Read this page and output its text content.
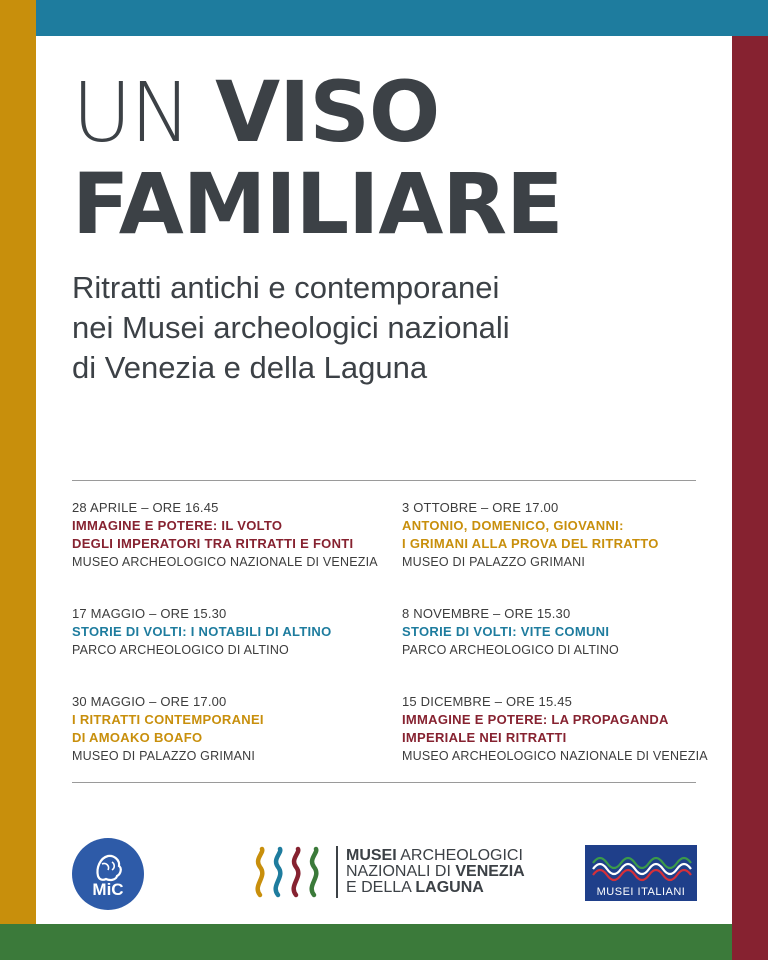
UN VISO
FAMILIARE
Ritratti antichi e contemporanei
nei Musei archeologici nazionali
di Venezia e della Laguna
28 APRILE – ORE 16.45
IMMAGINE E POTERE: IL VOLTO
DEGLI IMPERATORI TRA RITRATTI E FONTI
MUSEO ARCHEOLOGICO NAZIONALE DI VENEZIA
3 OTTOBRE – ORE 17.00
ANTONIO, DOMENICO, GIOVANNI:
I GRIMANI ALLA PROVA DEL RITRATTO
MUSEO DI PALAZZO GRIMANI
17 MAGGIO – ORE 15.30
STORIE DI VOLTI: I NOTABILI DI ALTINO
PARCO ARCHEOLOGICO DI ALTINO
8 NOVEMBRE – ORE 15.30
STORIE DI VOLTI: VITE COMUNI
PARCO ARCHEOLOGICO DI ALTINO
30 MAGGIO – ORE 17.00
I RITRATTI CONTEMPORANEI
DI AMOAKO BOAFO
MUSEO DI PALAZZO GRIMANI
15 DICEMBRE – ORE 15.45
IMMAGINE E POTERE: LA PROPAGANDA
IMPERIALE NEI RITRATTI
MUSEO ARCHEOLOGICO NAZIONALE DI VENEZIA
MiC
MUSEI ARCHEOLOGICI
NAZIONALI DI VENEZIA
E DELLA LAGUNA	MUSEI ITALIANI
